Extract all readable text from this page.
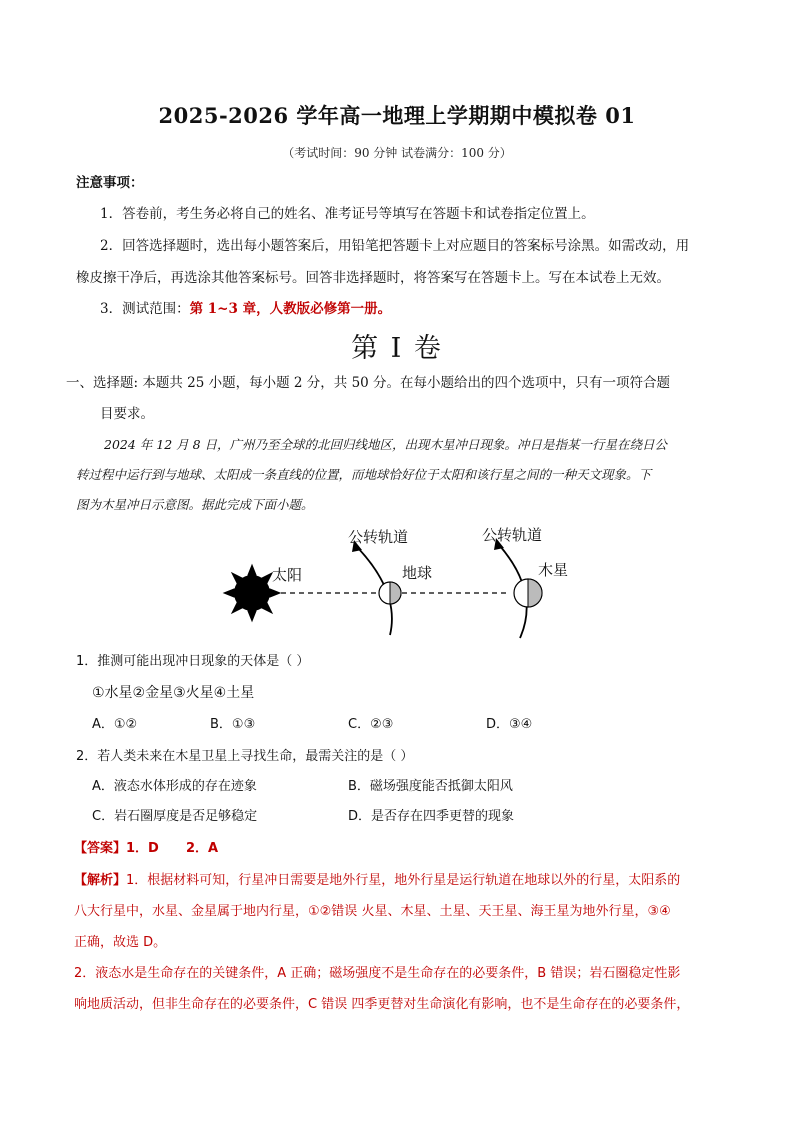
2025-2026 学年高一地理上学期期中模拟卷 01
（考试时间：90 分钟 试卷满分：100 分）
注意事项：
1．答卷前，考生务必将自己的姓名、准考证号等填写在答题卡和试卷指定位置上。
2．回答选择题时，选出每小题答案后，用铅笔把答题卡上对应题目的答案标号涂黑。如需改动，用
橡皮擦干净后，再选涂其他答案标号。回答非选择题时，将答案写在答题卡上。写在本试卷上无效。
3．测试范围：第 1~3 章，人教版必修第一册。
第 I 卷
一、选择题: 本题共 25 小题，每小题 2 分，共 50 分。在每小题给出的四个选项中，只有一项符合题
目要求。
2024 年 12 月 8 日，广州乃至全球的北回归线地区，出现木星冲日现象。冲日是指某一行星在绕日公
转过程中运行到与地球、太阳成一条直线的位置，而地球恰好位于太阳和该行星之间的一种天文现象。下
图为木星冲日示意图。据此完成下面小题。
太阳
公转轨道
地球
公转轨道
木星
1．推测可能出现冲日现象的天体是（ ）
①水星②金星③火星④土星
A．①②	B．①③	C．②③	D．③④
2．若人类未来在木星卫星上寻找生命，最需关注的是（ ）
A．液态水体形成的存在迹象	B．磁场强度能否抵御太阳风
C．岩石圈厚度是否足够稳定	D．是否存在四季更替的现象
【答案】1．D      2．A
【解析】1．根据材料可知，行星冲日需要是地外行星，地外行星是运行轨道在地球以外的行星，太阳系的
八大行星中，水星、金星属于地内行星，①②错误 火星、木星、土星、天王星、海王星为地外行星，③④
正确，故选 D。
2．液态水是生命存在的关键条件，A 正确；磁场强度不是生命存在的必要条件，B 错误；岩石圈稳定性影
响地质活动，但非生命存在的必要条件，C 错误 四季更替对生命演化有影响，也不是生命存在的必要条件，
